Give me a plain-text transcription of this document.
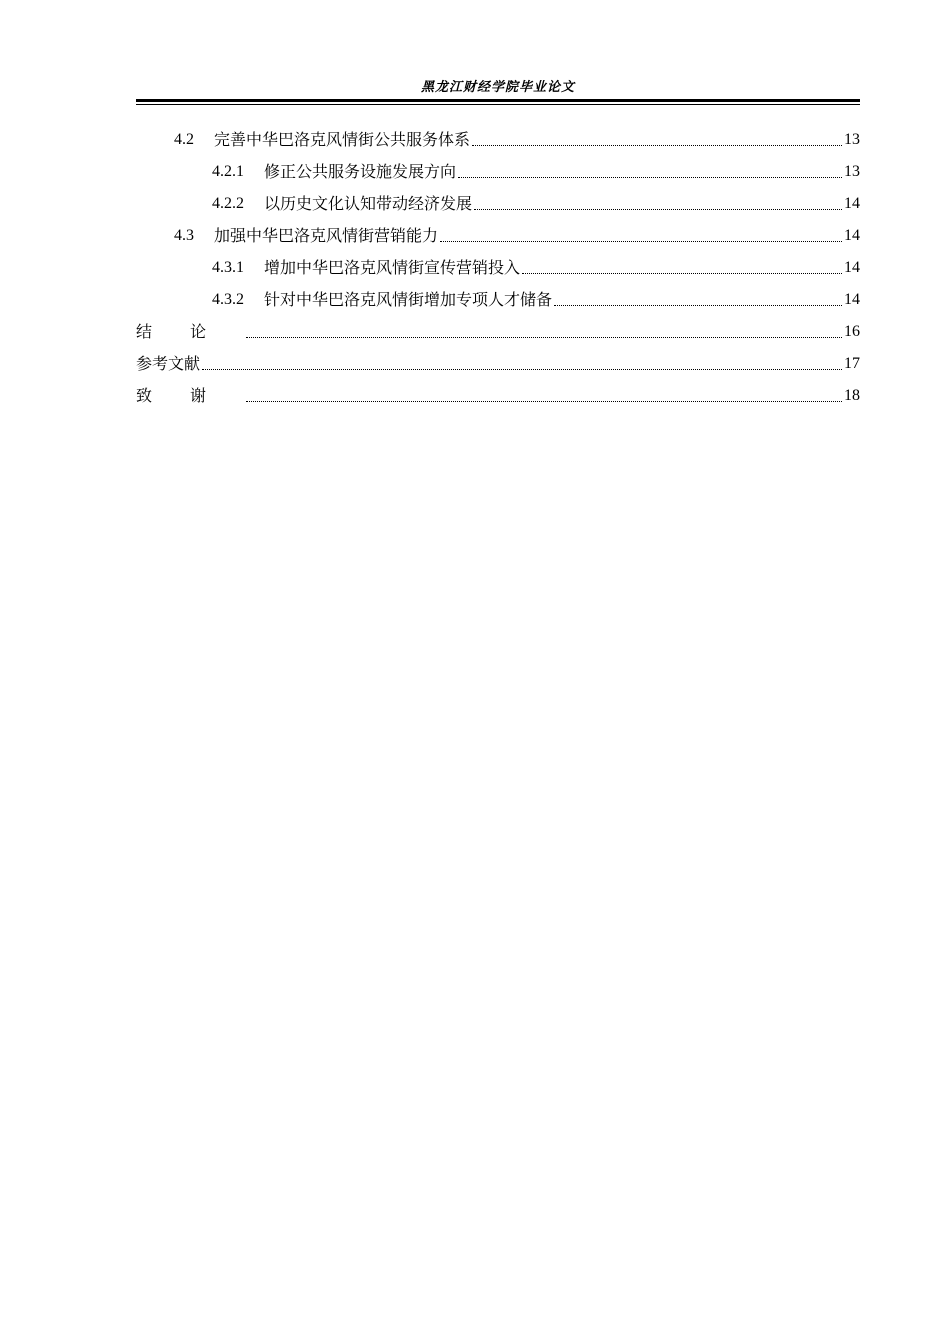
黑龙江财经学院毕业论文
4.2 完善中华巴洛克风情街公共服务体系	13
4.2.1 修正公共服务设施发展方向	13
4.2.2 以历史文化认知带动经济发展	14
4.3 加强中华巴洛克风情街营销能力	14
4.3.1 增加中华巴洛克风情街宣传营销投入	14
4.3.2 针对中华巴洛克风情街增加专项人才储备	14
结论	16
参考文献	17
致谢	18
